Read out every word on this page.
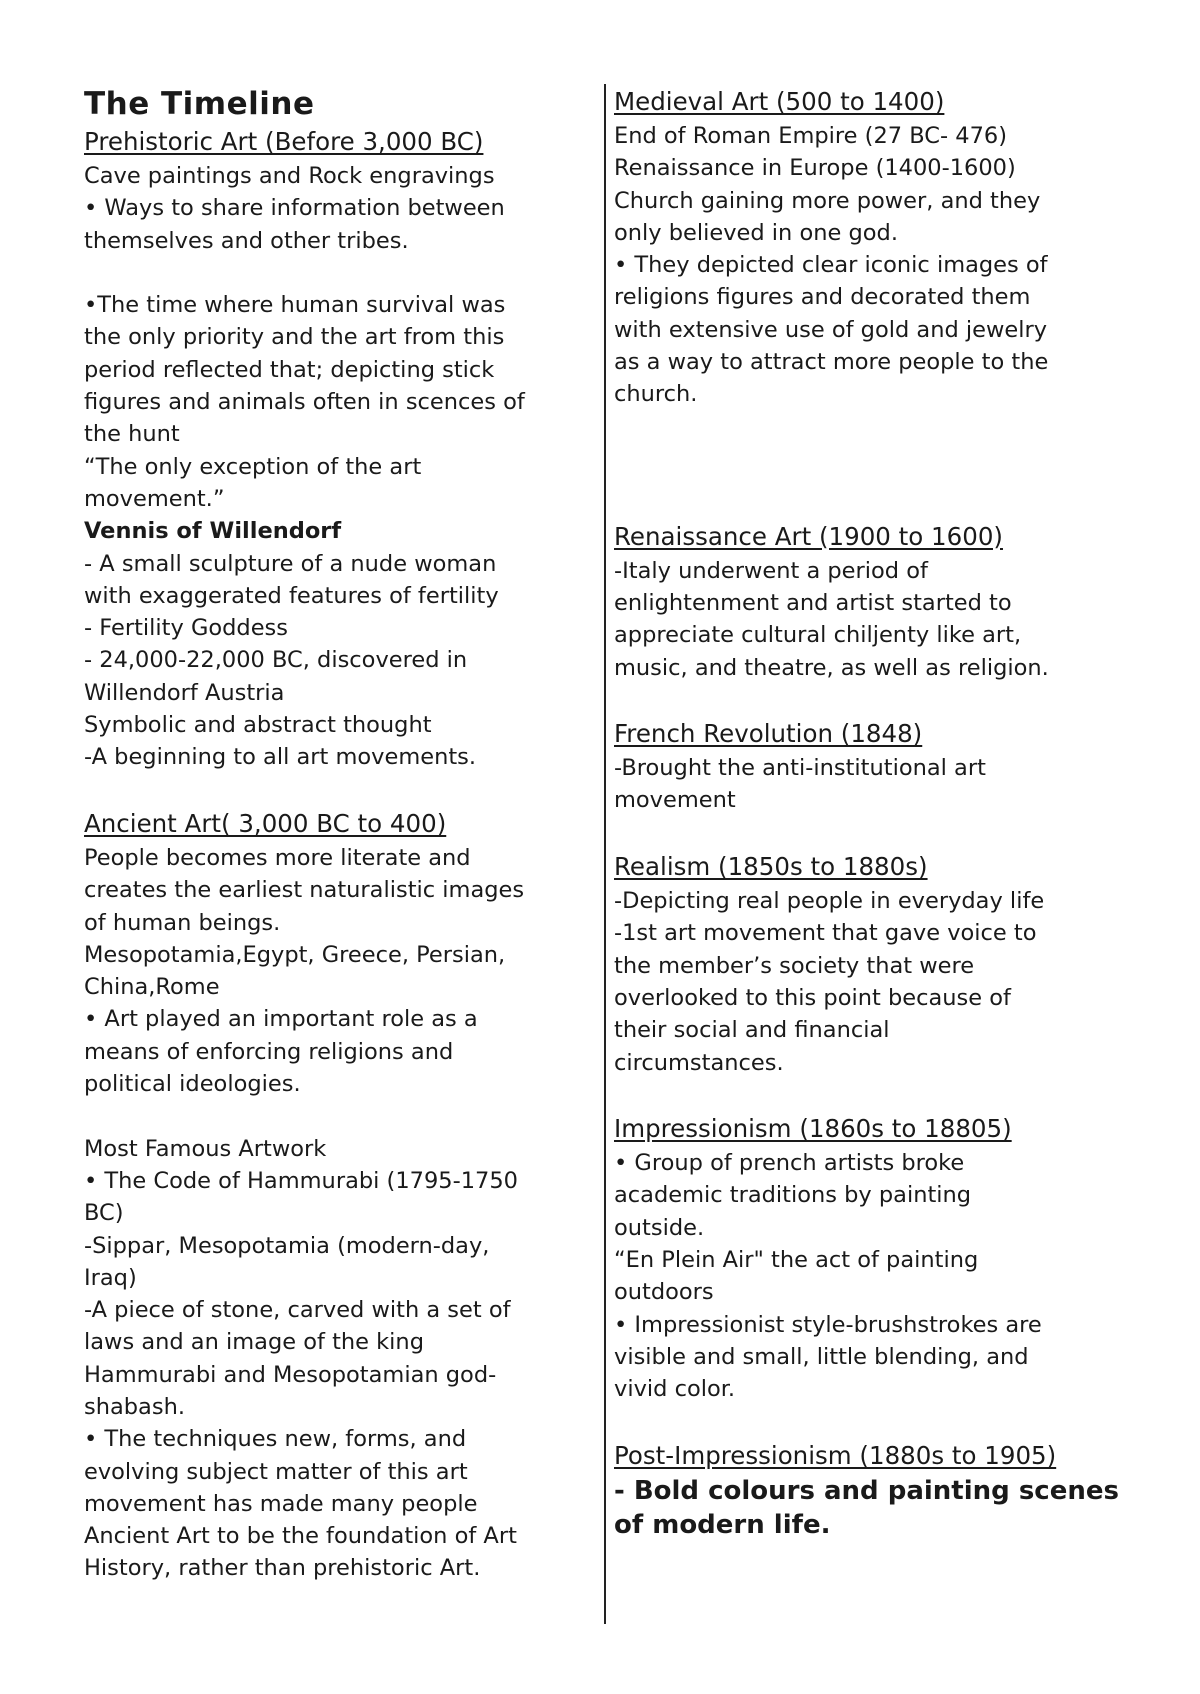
The Timeline
Prehistoric Art (Before 3,000 BC)
Cave paintings and Rock engravings
• Ways to share information between
themselves and other tribes.
•The time where human survival was
the only priority and the art from this
period reflected that; depicting stick
figures and animals often in scences of
the hunt
“The only exception of the art
movement.”
Vennis of Willendorf
- A small sculpture of a nude woman
with exaggerated features of fertility
- Fertility Goddess
- 24,000-22,000 BC, discovered in
Willendorf Austria
Symbolic and abstract thought
-A beginning to all art movements.
Ancient Art( 3,000 BC to 400)
People becomes more literate and
creates the earliest naturalistic images
of human beings.
Mesopotamia,Egypt, Greece, Persian,
China,Rome
• Art played an important role as a
means of enforcing religions and
political ideologies.
Most Famous Artwork
• The Code of Hammurabi (1795-1750
BC)
-Sippar, Mesopotamia (modern-day,
Iraq)
-A piece of stone, carved with a set of
laws and an image of the king
Hammurabi and Mesopotamian god-
shabash.
• The techniques new, forms, and
evolving subject matter of this art
movement has made many people
Ancient Art to be the foundation of Art
History, rather than prehistoric Art.
Medieval Art (500 to 1400)
End of Roman Empire (27 BC- 476)
Renaissance in Europe (1400-1600)
Church gaining more power, and they
only believed in one god.
• They depicted clear iconic images of
religions figures and decorated them
with extensive use of gold and jewelry
as a way to attract more people to the
church.
Renaissance Art (1900 to 1600)
-Italy underwent a period of
enlightenment and artist started to
appreciate cultural chiljenty like art,
music, and theatre, as well as religion.
French Revolution (1848)
-Brought the anti-institutional art
movement
Realism (1850s to 1880s)
-Depicting real people in everyday life
-1st art movement that gave voice to
the member’s society that were
overlooked to this point because of
their social and financial
circumstances.
Impressionism (1860s to 18805)
• Group of prench artists broke
academic traditions by painting
outside.
“En Plein Air" the act of painting
outdoors
• Impressionist style-brushstrokes are
visible and small, little blending, and
vivid color.
Post-Impressionism (1880s to 1905)
- Bold colours and painting scenes
of modern life.
